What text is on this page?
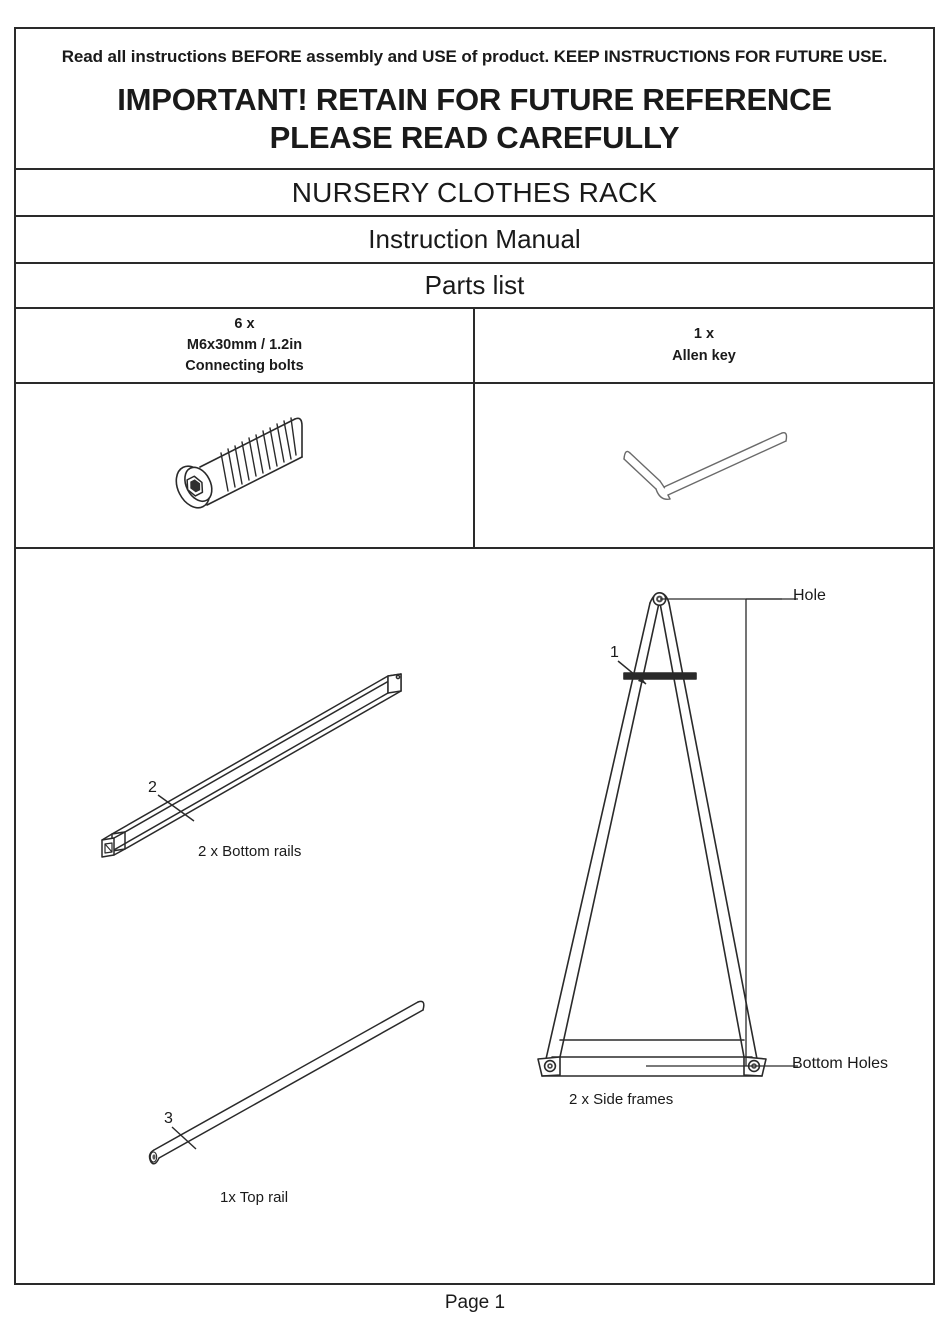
Read all instructions BEFORE assembly and USE of product. KEEP INSTRUCTIONS FOR FUTURE USE.
IMPORTANT! RETAIN FOR FUTURE REFERENCE
PLEASE READ CAREFULLY
NURSERY CLOTHES RACK
Instruction Manual
Parts list
6 x
M6x30mm / 1.2in
Connecting bolts
1 x
Allen key
2
2 x Bottom rails
3
1x Top rail
1
Hole
Bottom Holes
2 x Side frames
Page 1
